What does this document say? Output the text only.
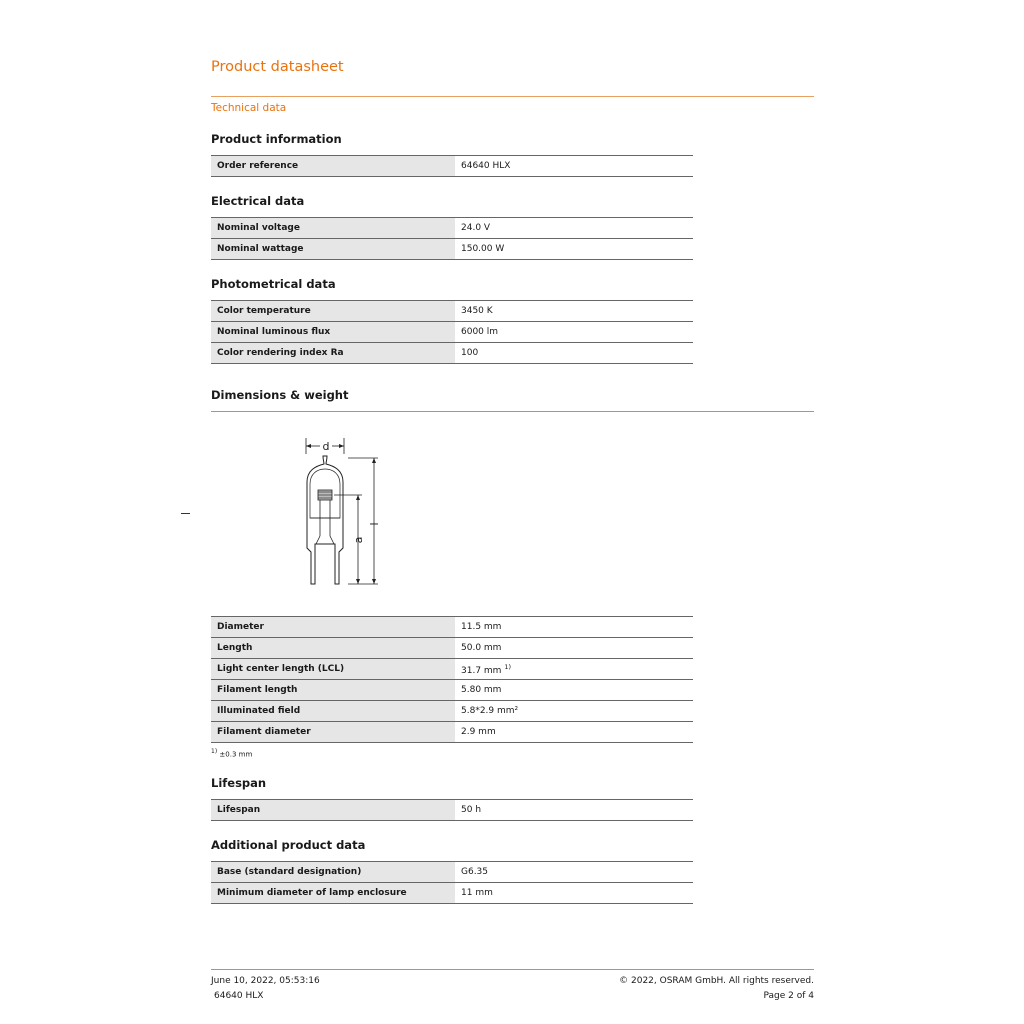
Product datasheet
Technical data
Product information
Order reference	64640 HLX
Electrical data
Nominal voltage	24.0 V
Nominal wattage	150.00 W
Photometrical data
Color temperature	3450 K
Nominal luminous flux	6000 lm
Color rendering index Ra	100
Dimensions & weight
d
l
a
Diameter	11.5 mm
Length	50.0 mm
Light center length (LCL)	31.7 mm $^{1)}$
Filament length	5.80 mm
Illuminated field	5.8*2.9 mm²
Filament diameter	2.9 mm
$^{1)}$ ±0.3 mm
Lifespan
Lifespan	50 h
Additional product data
Base (standard designation)	G6.35
Minimum diameter of lamp enclosure	11 mm
June 10, 2022, 05:53:16
64640 HLX
© 2022, OSRAM GmbH. All rights reserved.
Page 2 of 4
